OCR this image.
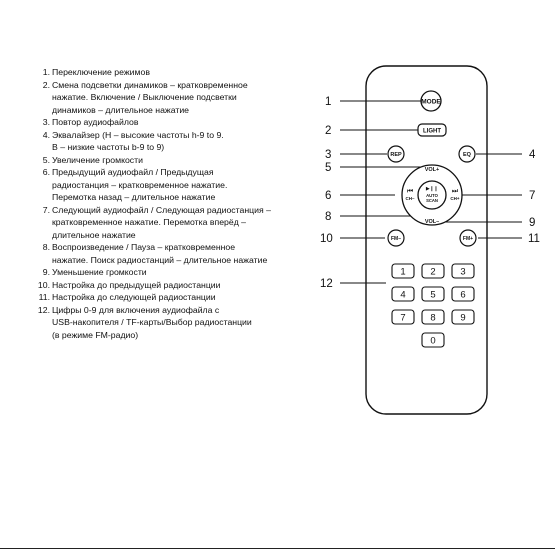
1. Переключение режимов
2. Смена подсветки динамиков – кратковременное
нажатие. Включение / Выключение подсветки
динамиков – длительное нажатие
3. Повтор аудиофайлов
4. Эквалайзер (H – высокие частоты h-9 to 9.
B – низкие частоты b-9 to 9)
5. Увеличение громкости
6. Предыдущий аудиофайл / Предыдущая
радиостанция – кратковременное нажатие.
Перемотка назад – длительное нажатие
7. Следующий аудиофайл / Следующая радиостанция –
кратковременное нажатие. Перемотка вперёд –
длительное нажатие
8. Воспроизведение / Пауза – кратковременное
нажатие. Поиск радиостанций – длительное нажатие
9. Уменьшение громкости
10. Настройка до предыдущей радиостанции
11. Настройка до следующей радиостанции
12. Цифры 0-9 для включения аудиофайла с
USB-накопителя / TF-карты/Выбор радиостанции
(в режиме FM-радио)
1
2
3	4
5
6	7
8	9
10	11
12
MODE
LIGHT
REP	EQ
VOL+
VOL–
⏮
CH–
⏭
CH+
▶❙❙
AUTO
SCAN
FM–	FM+
1	2	3
4	5	6
7	8	9
0
